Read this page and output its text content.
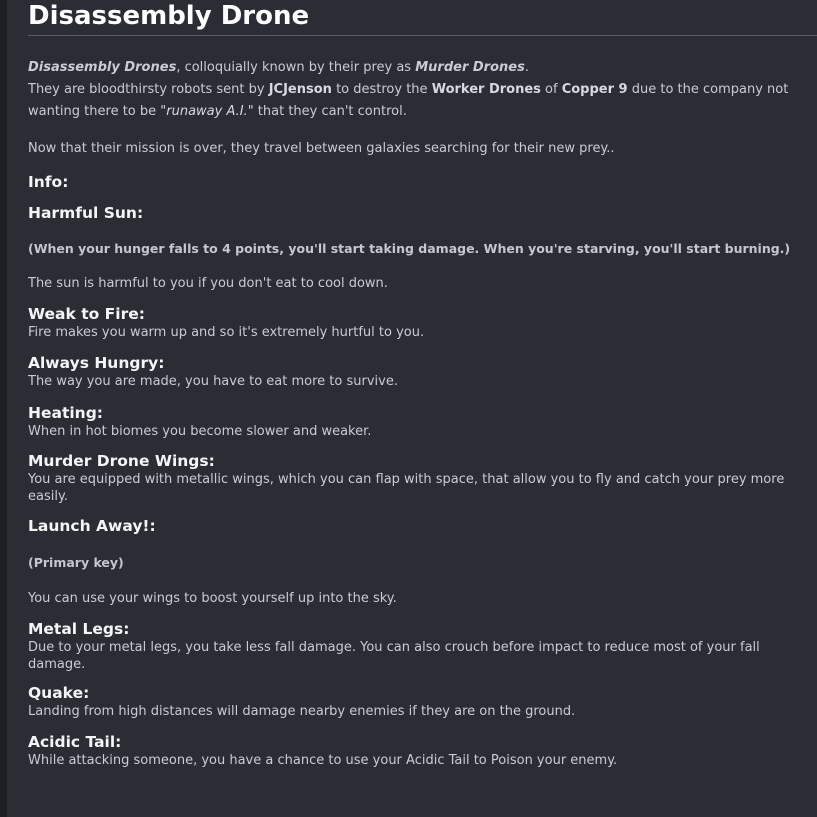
Disassembly Drone

Disassembly Drones, colloquially known by their prey as Murder Drones.

They are bloodthirsty robots sent by JCJenson to destroy the Worker Drones of Copper 9 due to the company not

wanting there to be "runaway A.I." that they can't control.

Now that their mission is over, they travel between galaxies searching for their new prey..

Info:
Harmful Sun:
(When your hunger falls to 4 points, you'll start taking damage. When you're starving, you'll start burning.)
The sun is harmful to you if you don't eat to cool down.
Weak to Fire:
Fire makes you warm up and so it's extremely hurtful to you.
Always Hungry:
The way you are made, you have to eat more to survive.
Heating:
When in hot biomes you become slower and weaker.
Murder Drone Wings:
You are equipped with metallic wings, which you can flap with space, that allow you to fly and catch your prey more easily.
Launch Away!:
(Primary key)
You can use your wings to boost yourself up into the sky.
Metal Legs:
Due to your metal legs, you take less fall damage. You can also crouch before impact to reduce most of your fall damage.
Quake:
Landing from high distances will damage nearby enemies if they are on the ground.
Acidic Tail:
While attacking someone, you have a chance to use your Acidic Tail to Poison your enemy.
